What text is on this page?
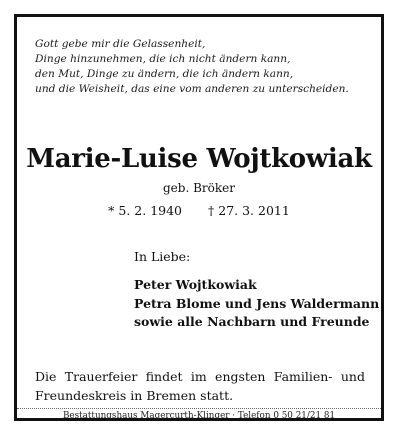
Gott gebe mir die Gelassenheit,
Dinge hinzunehmen, die ich nicht ändern kann,
den Mut, Dinge zu ändern, die ich ändern kann,
und die Weisheit, das eine vom anderen zu unterscheiden.
Marie-Luise Wojtkowiak
geb. Bröker
* 5. 2. 1940 † 27. 3. 2011
In Liebe:
Peter Wojtkowiak
Petra Blome und Jens Waldermann
sowie alle Nachbarn und Freunde
Die Trauerfeier findet im engsten Familien- und Freundeskreis in Bremen statt.
Bestattungshaus Magercurth-Klinger · Telefon 0 50 21/21 81
